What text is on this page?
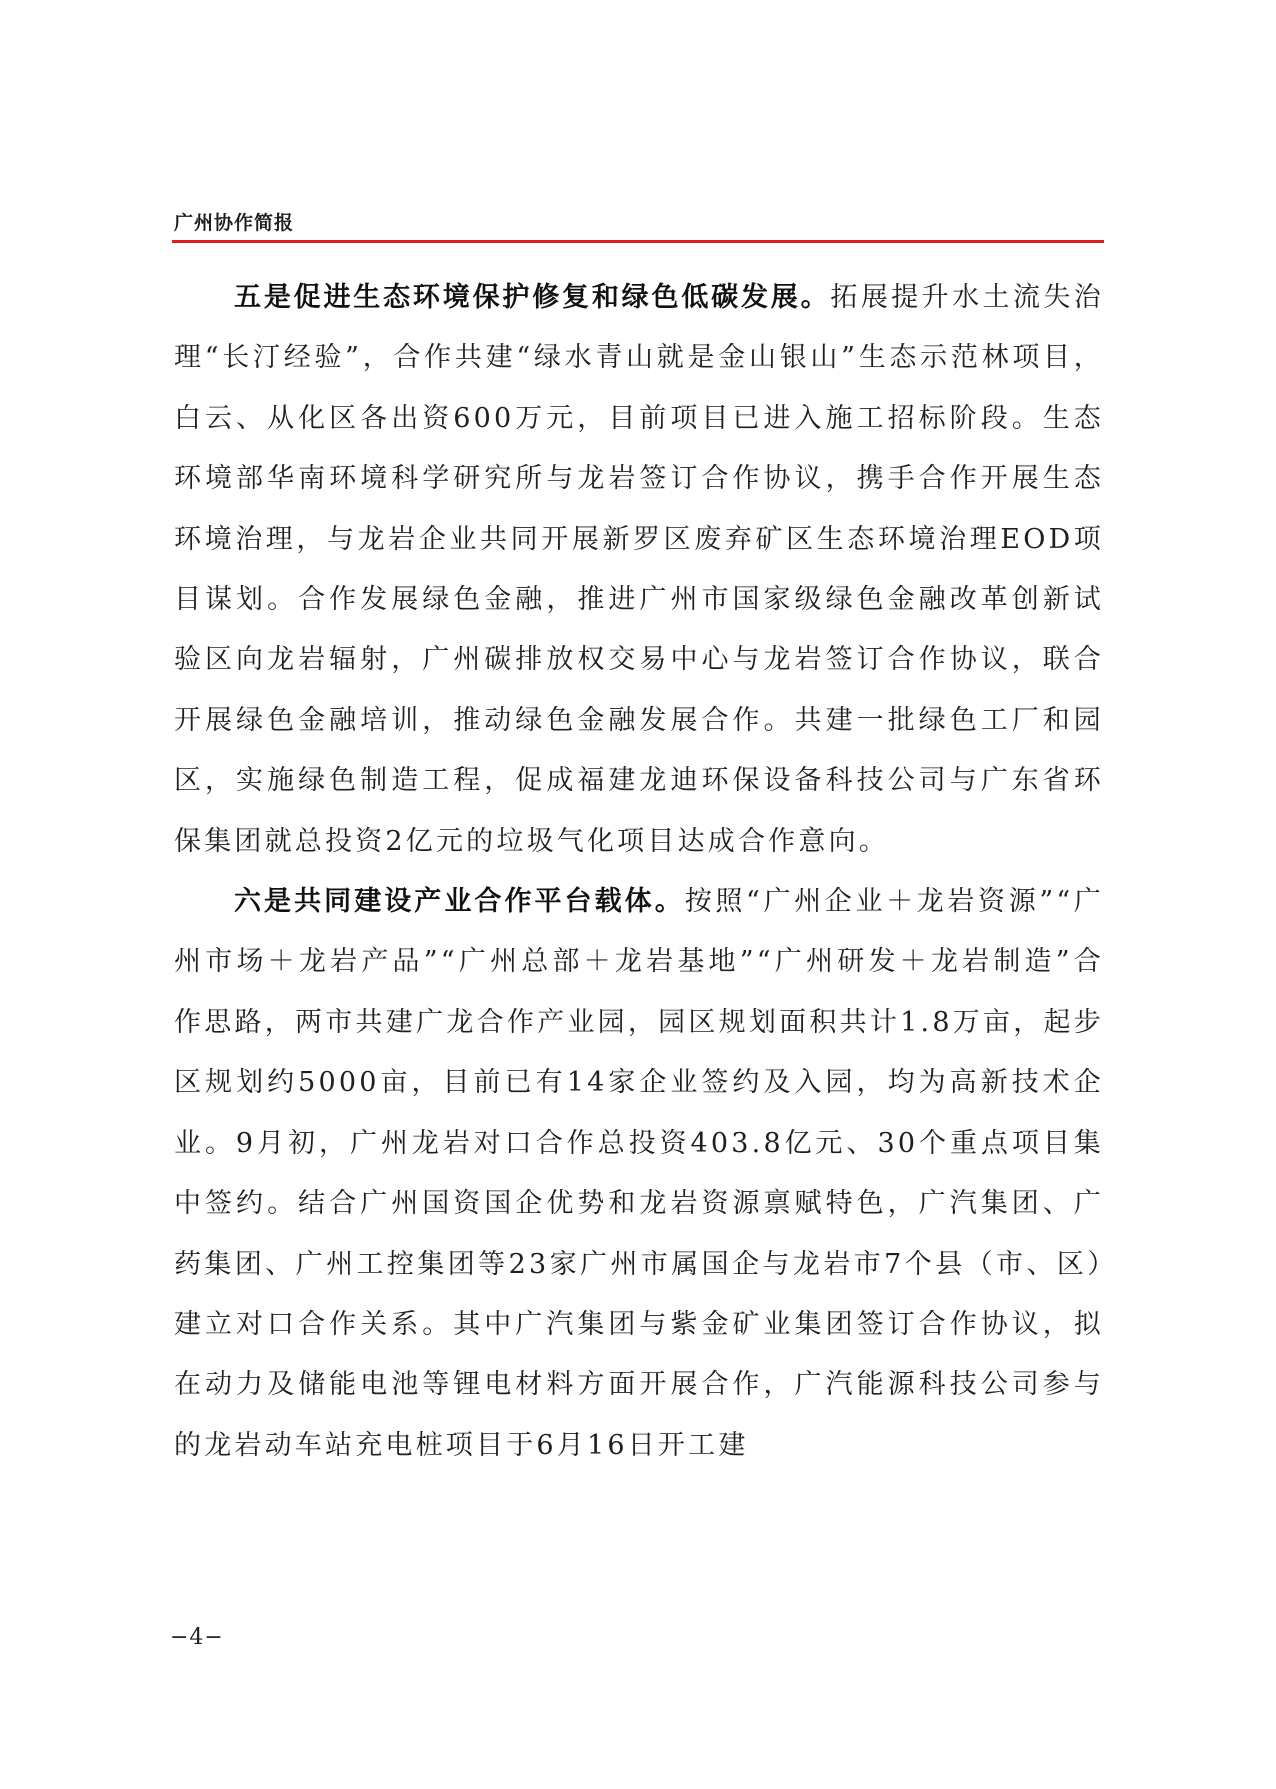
广州协作简报

五是促进生态环境保护修复和绿色低碳发展。拓展提升水土流失治理“长汀经验”，合作共建“绿水青山就是金山银山”生态示范林项目，白云、从化区各出资600万元，目前项目已进入施工招标阶段。生态环境部华南环境科学研究所与龙岩签订合作协议，携手合作开展生态环境治理，与龙岩企业共同开展新罗区废弃矿区生态环境治理EOD项目谋划。合作发展绿色金融，推进广州市国家级绿色金融改革创新试验区向龙岩辐射，广州碳排放权交易中心与龙岩签订合作协议，联合开展绿色金融培训，推动绿色金融发展合作。共建一批绿色工厂和园区，实施绿色制造工程，促成福建龙迪环保设备科技公司与广东省环保集团就总投资2亿元的垃圾气化项目达成合作意向。

六是共同建设产业合作平台载体。按照“广州企业＋龙岩资源”“广州市场＋龙岩产品”“广州总部＋龙岩基地”“广州研发＋龙岩制造”合作思路，两市共建广龙合作产业园，园区规划面积共计1.8万亩，起步区规划约5000亩，目前已有14家企业签约及入园，均为高新技术企业。9月初，广州龙岩对口合作总投资403.8亿元、30个重点项目集中签约。结合广州国资国企优势和龙岩资源禀赋特色，广汽集团、广药集团、广州工控集团等23家广州市属国企与龙岩市7个县（市、区）建立对口合作关系。其中广汽集团与紫金矿业集团签订合作协议，拟在动力及储能电池等锂电材料方面开展合作，广汽能源科技公司参与的龙岩动车站充电桩项目于6月16日开工建

−4−
